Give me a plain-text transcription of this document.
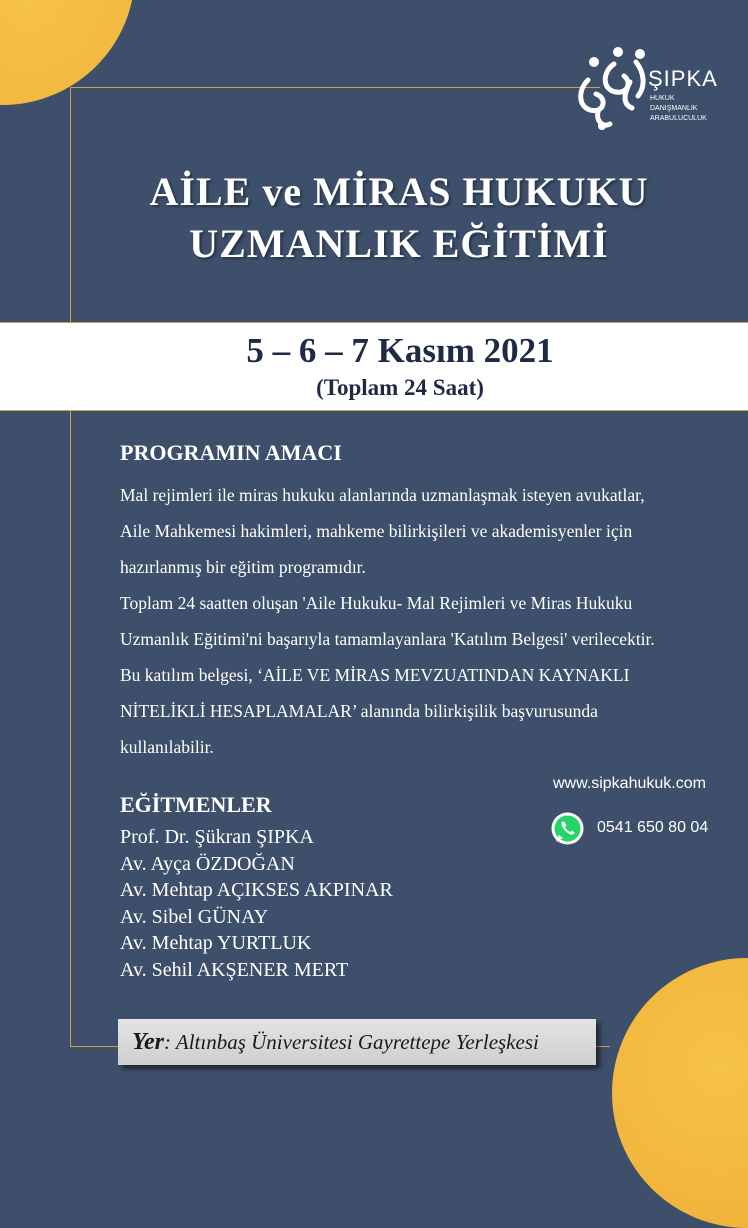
ŞIPKA
HUKUK
DANIŞMANLIK
ARABULUCULUK
AİLE ve MİRAS HUKUKU
UZMANLIK EĞİTİMİ
5 – 6 – 7 Kasım 2021
(Toplam 24 Saat)
PROGRAMIN AMACI
Mal rejimleri ile miras hukuku alanlarında uzmanlaşmak isteyen avukatlar,
Aile Mahkemesi hakimleri, mahkeme bilirkişileri ve akademisyenler için
hazırlanmış bir eğitim programıdır.
Toplam 24 saatten oluşan 'Aile Hukuku- Mal Rejimleri ve Miras Hukuku
Uzmanlık Eğitimi'ni başarıyla tamamlayanlara 'Katılım Belgesi' verilecektir.
Bu katılım belgesi, ‘AİLE VE MİRAS MEVZUATINDAN KAYNAKLI
NİTELİKLİ HESAPLAMALAR’ alanında bilirkişilik başvurusunda
kullanılabilir.
EĞİTMENLER
Prof. Dr. Şükran ŞIPKA
Av. Ayça ÖZDOĞAN
Av. Mehtap AÇIKSES AKPINAR
Av. Sibel GÜNAY
Av. Mehtap YURTLUK
Av. Sehil AKŞENER MERT
www.sipkahukuk.com
0541 650 80 04
Yer: Altınbaş Üniversitesi Gayrettepe Yerleşkesi
